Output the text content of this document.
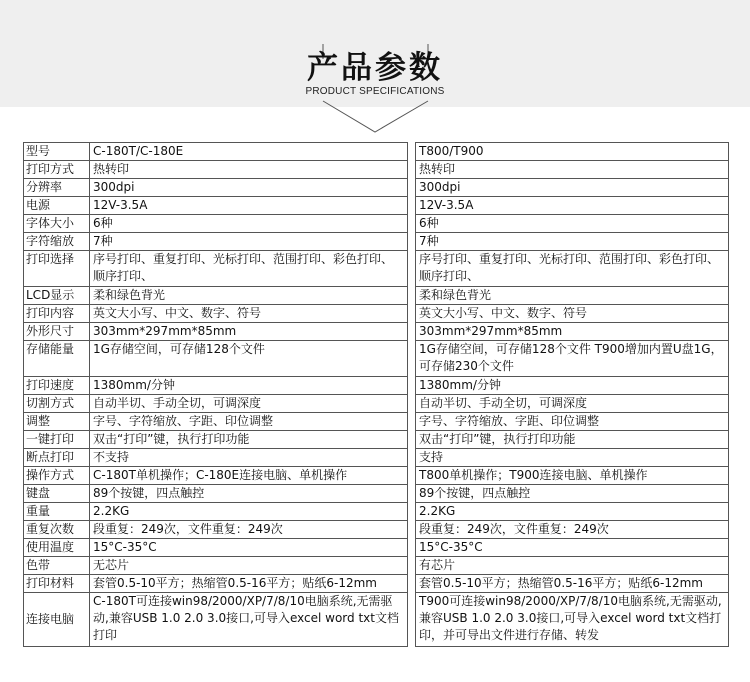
产品参数
PRODUCT SPECIFICATIONS
型号	C-180T/C-180E		T800/T900
打印方式	热转印		热转印
分辨率	300dpi		300dpi
电源	12V-3.5A		12V-3.5A
字体大小	6种		6种
字符缩放	7种		7种
打印选择	序号打印、重复打印、光标打印、范围打印、彩色打印、顺序打印、		序号打印、重复打印、光标打印、范围打印、彩色打印、顺序打印、
LCD显示	柔和绿色背光		柔和绿色背光
打印内容	英文大小写、中文、数字、符号		英文大小写、中文、数字、符号
外形尺寸	303mm*297mm*85mm		303mm*297mm*85mm
存储能量	1G存储空间，可存储128个文件		1G存储空间，可存储128个文件 T900增加内置U盘1G，可存储230个文件
打印速度	1380mm/分钟		1380mm/分钟
切割方式	自动半切、手动全切，可调深度		自动半切、手动全切，可调深度
调整	字号、字符缩放、字距、印位调整		字号、字符缩放、字距、印位调整
一键打印	双击“打印”键，执行打印功能		双击“打印”键，执行打印功能
断点打印	不支持		支持
操作方式	C-180T单机操作；C-180E连接电脑、单机操作		T800单机操作；T900连接电脑、单机操作
键盘	89个按键，四点触控		89个按键，四点触控
重量	2.2KG		2.2KG
重复次数	段重复：249次，文件重复：249次		段重复：249次，文件重复：249次
使用温度	15°C-35°C		15°C-35°C
色带	无芯片		有芯片
打印材料	套管0.5-10平方；热缩管0.5-16平方；贴纸6-12mm		套管0.5-10平方；热缩管0.5-16平方；贴纸6-12mm
连接电脑	C-180T可连接win98/2000/XP/7/8/10电脑系统,无需驱动,兼容USB 1.0 2.0 3.0接口,可导入excel word txt文档打印		T900可连接win98/2000/XP/7/8/10电脑系统,无需驱动,兼容USB 1.0 2.0 3.0接口,可导入excel word txt文档打印，并可导出文件进行存储、转发
